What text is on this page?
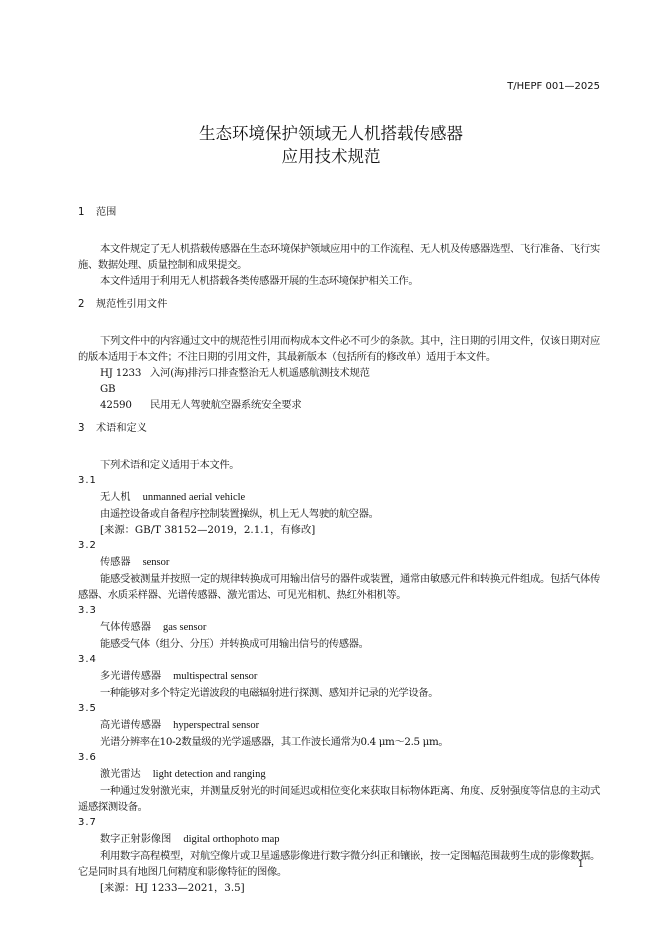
T/HEPF 001—2025
生态环境保护领域无人机搭载传感器
应用技术规范

1 范围

本文件规定了无人机搭载传感器在生态环境保护领域应用中的工作流程、无人机及传感器选型、飞行准备、飞行实施、数据处理、质量控制和成果提交。

本文件适用于利用无人机搭载各类传感器开展的生态环境保护相关工作。

2 规范性引用文件

下列文件中的内容通过文中的规范性引用而构成本文件必不可少的条款。其中，注日期的引用文件，仅该日期对应的版本适用于本文件；不注日期的引用文件，其最新版本（包括所有的修改单）适用于本文件。

HJ 1233 入河(海)排污口排查整治无人机遥感航测技术规范

GB 42590 民用无人驾驶航空器系统安全要求

3 术语和定义

下列术语和定义适用于本文件。

3.1

无人机 unmanned aerial vehicle

由遥控设备或自备程序控制装置操纵，机上无人驾驶的航空器。

[来源：GB/T 38152—2019，2.1.1，有修改]

3.2

传感器 sensor

能感受被测量并按照一定的规律转换成可用输出信号的器件或装置，通常由敏感元件和转换元件组成。包括气体传感器、水质采样器、光谱传感器、激光雷达、可见光相机、热红外相机等。

3.3

气体传感器 gas sensor

能感受气体（组分、分压）并转换成可用输出信号的传感器。

3.4

多光谱传感器 multispectral sensor

一种能够对多个特定光谱波段的电磁辐射进行探测、感知并记录的光学设备。

3.5

高光谱传感器 hyperspectral sensor

光谱分辨率在10-2数量级的光学遥感器，其工作波长通常为0.4 μm～2.5 μm。

3.6

激光雷达 light detection and ranging

一种通过发射激光束，并测量反射光的时间延迟或相位变化来获取目标物体距离、角度、反射强度等信息的主动式遥感探测设备。

3.7

数字正射影像图 digital orthophoto map

利用数字高程模型，对航空像片或卫星遥感影像进行数字微分纠正和镶嵌，按一定图幅范围裁剪生成的影像数据。它是同时具有地图几何精度和影像特征的图像。

[来源：HJ 1233—2021，3.5]

1
